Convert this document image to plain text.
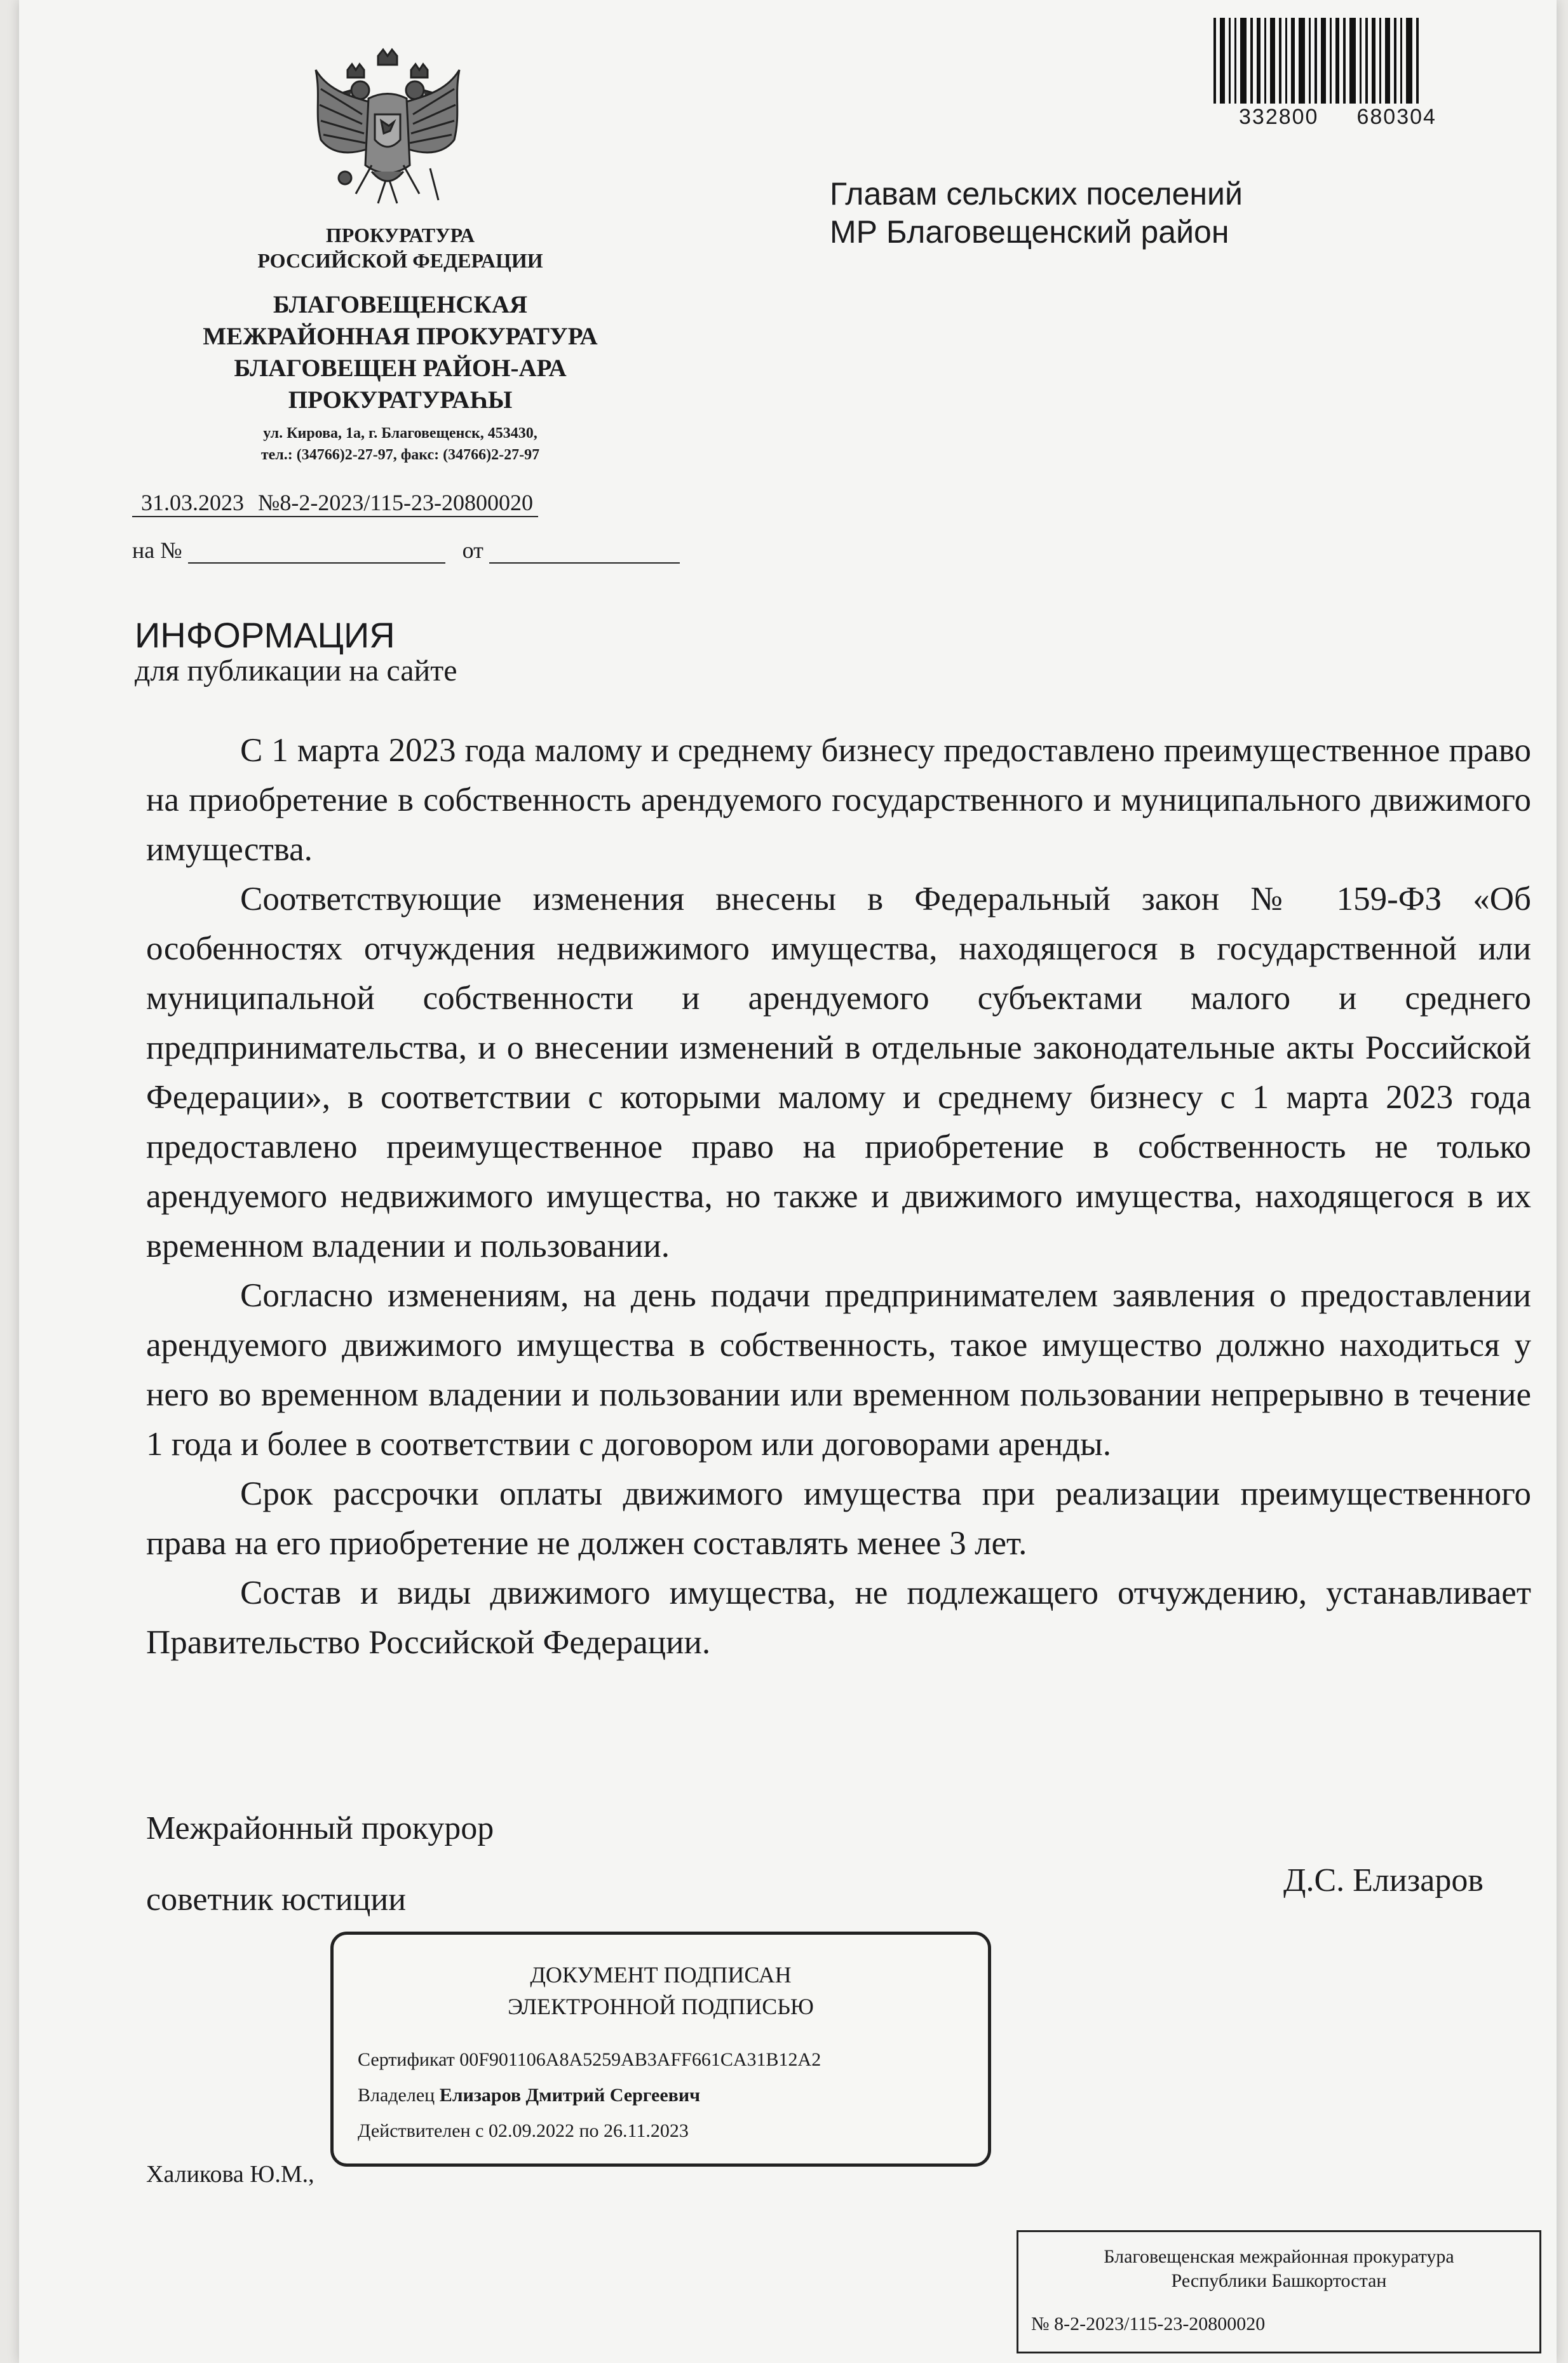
332800 680304
ПРОКУРАТУРА
РОССИЙСКОЙ ФЕДЕРАЦИИ
БЛАГОВЕЩЕНСКАЯ
МЕЖРАЙОННАЯ ПРОКУРАТУРА
БЛАГОВЕЩЕН РАЙОН-АРА
ПРОКУРАТУРАҺЫ
ул. Кирова, 1а, г. Благовещенск, 453430,
тел.: (34766)2-27-97, факс: (34766)2-27-97
31.03.2023 №8-2-2023/115-23-20800020
на №	от
Главам сельских поселений
МР Благовещенский район
ИНФОРМАЦИЯ
для публикации на сайте

С 1 марта 2023 года малому и среднему бизнесу предоставлено преимущественное право на приобретение в собственность арендуемого государственного и муниципального движимого имущества.

Соответствующие изменения внесены в Федеральный закон № 159-ФЗ «Об особенностях отчуждения недвижимого имущества, находящегося в государственной или муниципальной собственности и арендуемого субъектами малого и среднего предпринимательства, и о внесении изменений в отдельные законодательные акты Российской Федерации», в соответствии с которыми малому и среднему бизнесу с 1 марта 2023 года предоставлено преимущественное право на приобретение в собственность не только арендуемого недвижимого имущества, но также и движимого имущества, находящегося в их временном владении и пользовании.

Согласно изменениям, на день подачи предпринимателем заявления о предоставлении арендуемого движимого имущества в собственность, такое имущество должно находиться у него во временном владении и пользовании или временном пользовании непрерывно в течение 1 года и более в соответствии с договором или договорами аренды.

Срок рассрочки оплаты движимого имущества при реализации преимущественного права на его приобретение не должен составлять менее 3 лет.

Состав и виды движимого имущества, не подлежащего отчуждению, устанавливает Правительство Российской Федерации.

Межрайонный прокурор
советник юстиции
Д.С. Елизаров
Халикова Ю.М.,
ДОКУМЕНТ ПОДПИСАН
ЭЛЕКТРОННОЙ ПОДПИСЬЮ
Сертификат 00F901106A8A5259AB3AFF661CA31B12A2
Владелец Елизаров Дмитрий Сергеевич
Действителен с 02.09.2022 по 26.11.2023
Благовещенская межрайонная прокуратура
Республики Башкортостан
№ 8-2-2023/115-23-20800020
